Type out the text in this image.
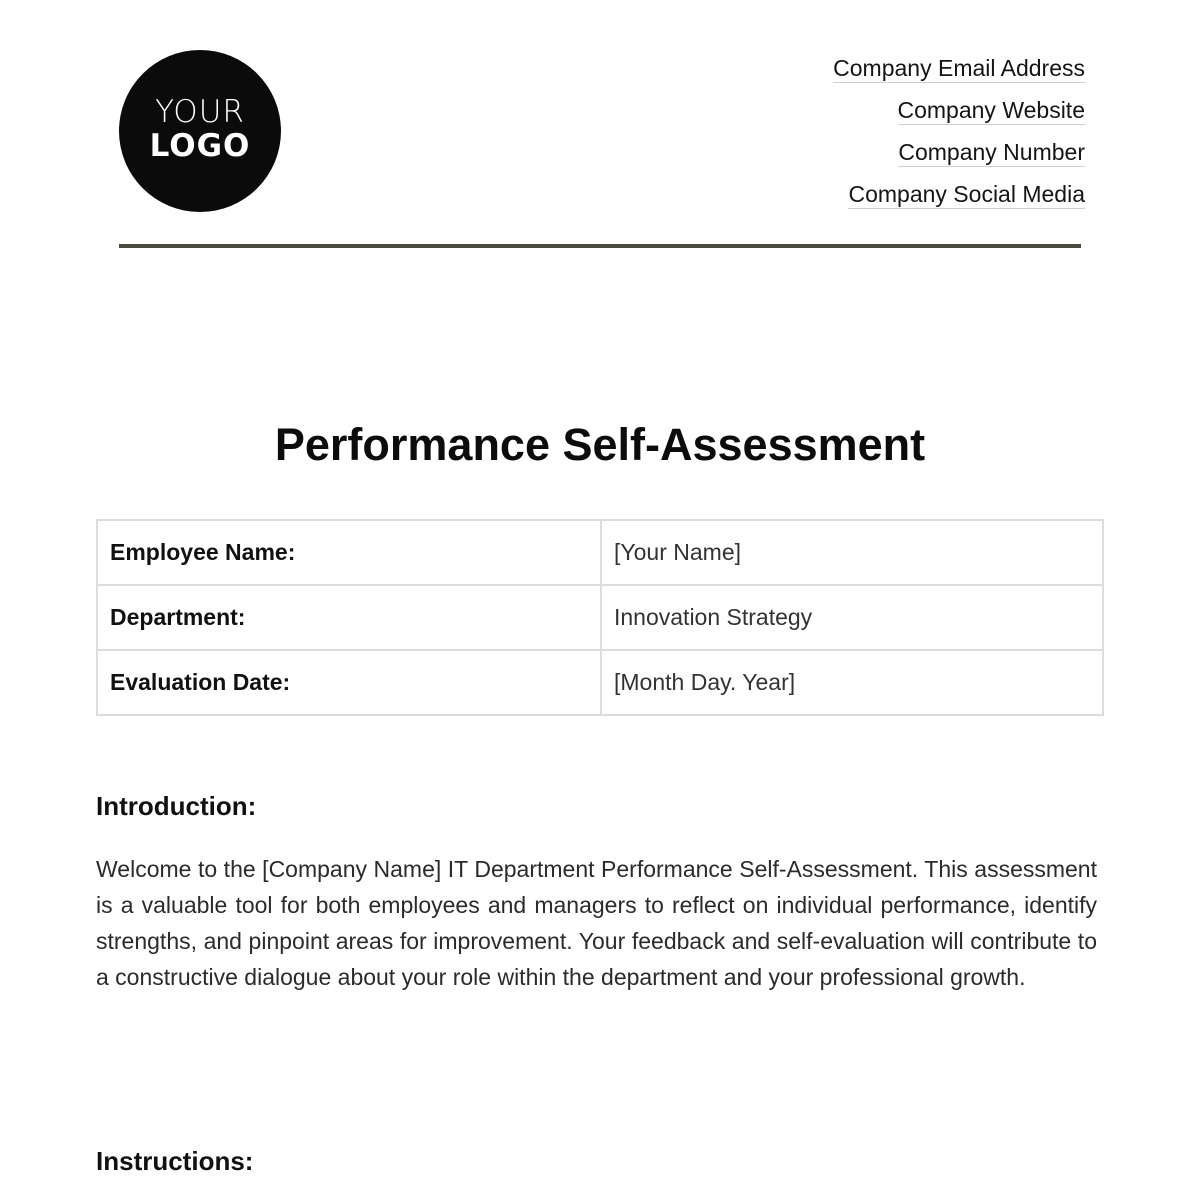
YOUR
LOGO
Company Email Address
Company Website
Company Number
Company Social Media
Performance Self-Assessment
Employee Name:	[Your Name]
Department:	Innovation Strategy
Evaluation Date:	[Month Day. Year]
Introduction:

Welcome to the [Company Name] IT Department Performance Self-Assessment. This assessment is a valuable tool for both employees and managers to reflect on individual performance, identify strengths, and pinpoint areas for improvement. Your feedback and self-evaluation will contribute to a constructive dialogue about your role within the department and your professional growth.

Instructions:
